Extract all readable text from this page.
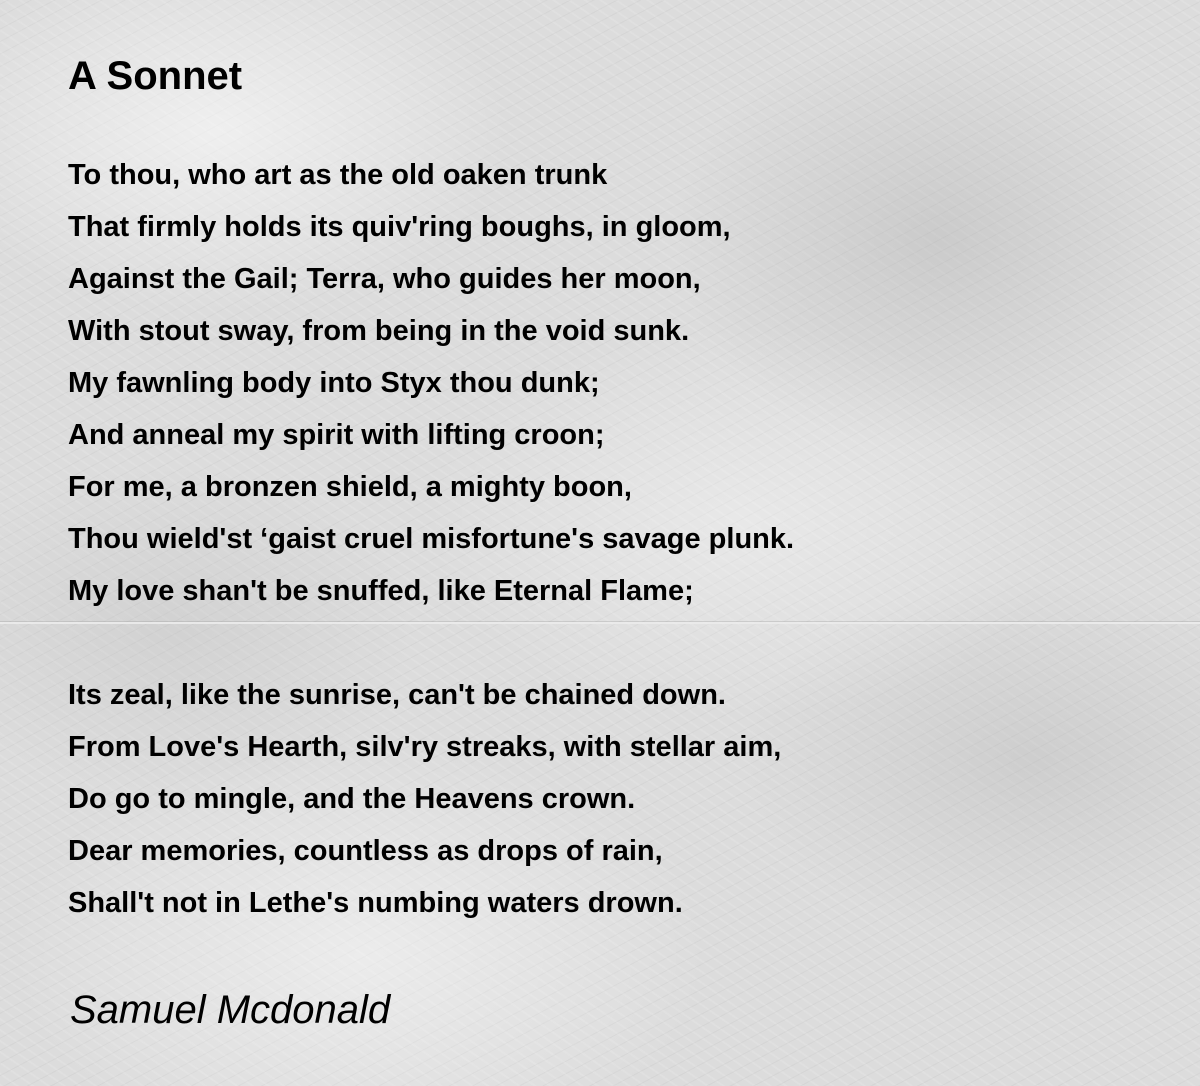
A Sonnet
To thou, who art as the old oaken trunk
That firmly holds its quiv'ring boughs, in gloom,
Against the Gail; Terra, who guides her moon,
With stout sway, from being in the void sunk.
My fawnling body into Styx thou dunk;
And anneal my spirit with lifting croon;
For me, a bronzen shield, a mighty boon,
Thou wield'st ‘gaist cruel misfortune's savage plunk.
My love shan't be snuffed, like Eternal Flame;
Its zeal, like the sunrise, can't be chained down.
From Love's Hearth, silv'ry streaks, with stellar aim,
Do go to mingle, and the Heavens crown.
Dear memories, countless as drops of rain,
Shall't not in Lethe's numbing waters drown.

Samuel Mcdonald
